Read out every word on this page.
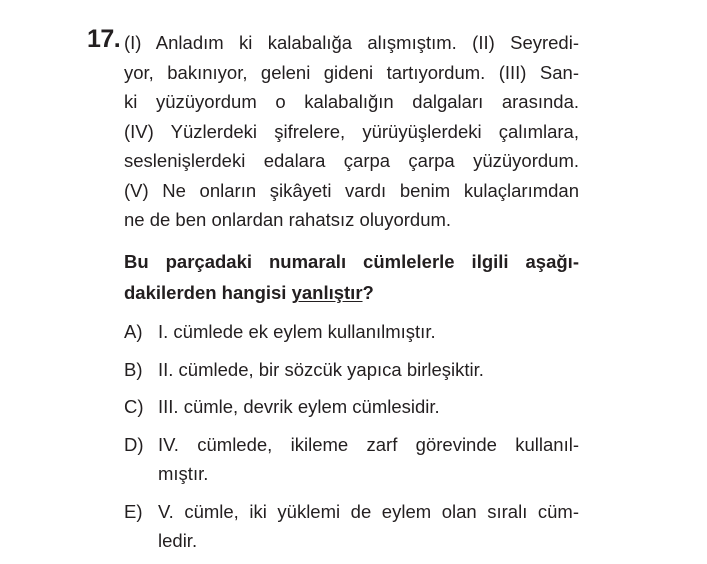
17. (I) Anladım ki kalabalığa alışmıştım. (II) Seyredi-
yor, bakınıyor, geleni gideni tartıyordum. (III) San-
ki yüzüyordum o kalabalığın dalgaları arasında.
(IV) Yüzlerdeki şifrelere, yürüyüşlerdeki çalımlara,
seslenişlerdeki edalara çarpa çarpa yüzüyordum.
(V) Ne onların şikâyeti vardı benim kulaçlarımdan
ne de ben onlardan rahatsız oluyordum.
Bu parçadaki numaralı cümlelerle ilgili aşağı-
dakilerden hangisi yanlıştır?
A) I. cümlede ek eylem kullanılmıştır.
B) II. cümlede, bir sözcük yapıca birleşiktir.
C) III. cümle, devrik eylem cümlesidir.
D) IV. cümlede, ikileme zarf görevinde kullanıl-
mıştır.
E) V. cümle, iki yüklemi de eylem olan sıralı cüm-
ledir.
